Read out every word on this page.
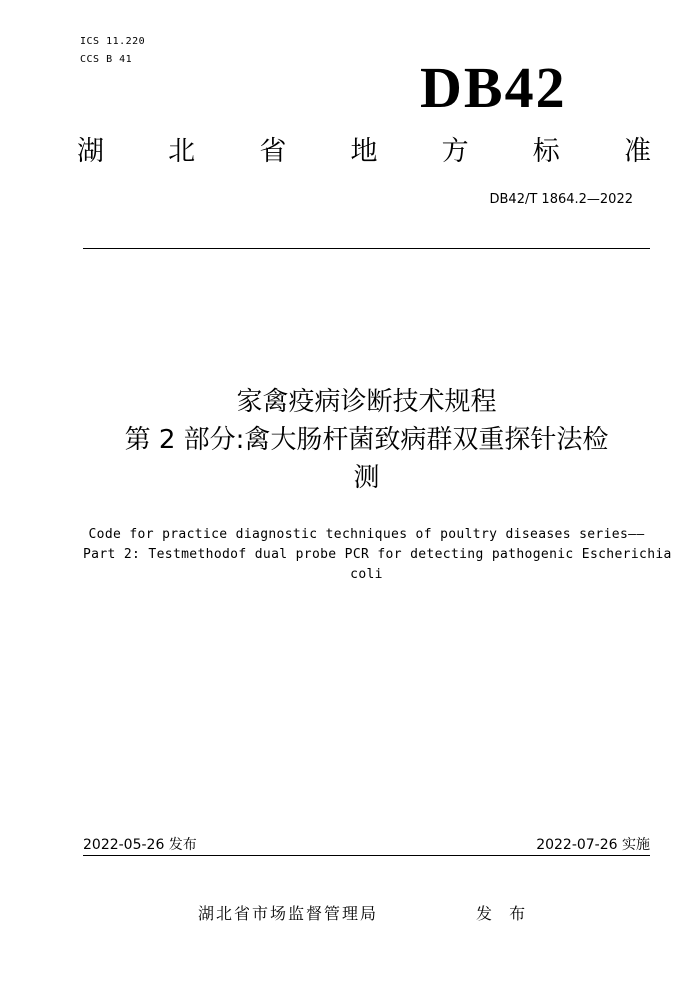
ICS 11.220
CCS B 41	DB42
湖 北 省 地 方 标 准
DB42/T 1864.2—2022
家禽疫病诊断技术规程
第 2 部分:禽大肠杆菌致病群双重探针法检
测
Code for practice diagnostic techniques of poultry diseases series——
Part 2: Testmethodof dual probe PCR for detecting pathogenic Escherichia
coli
2022-05-26 发布	2022-07-26 实施
湖北省市场监督管理局	发 布
